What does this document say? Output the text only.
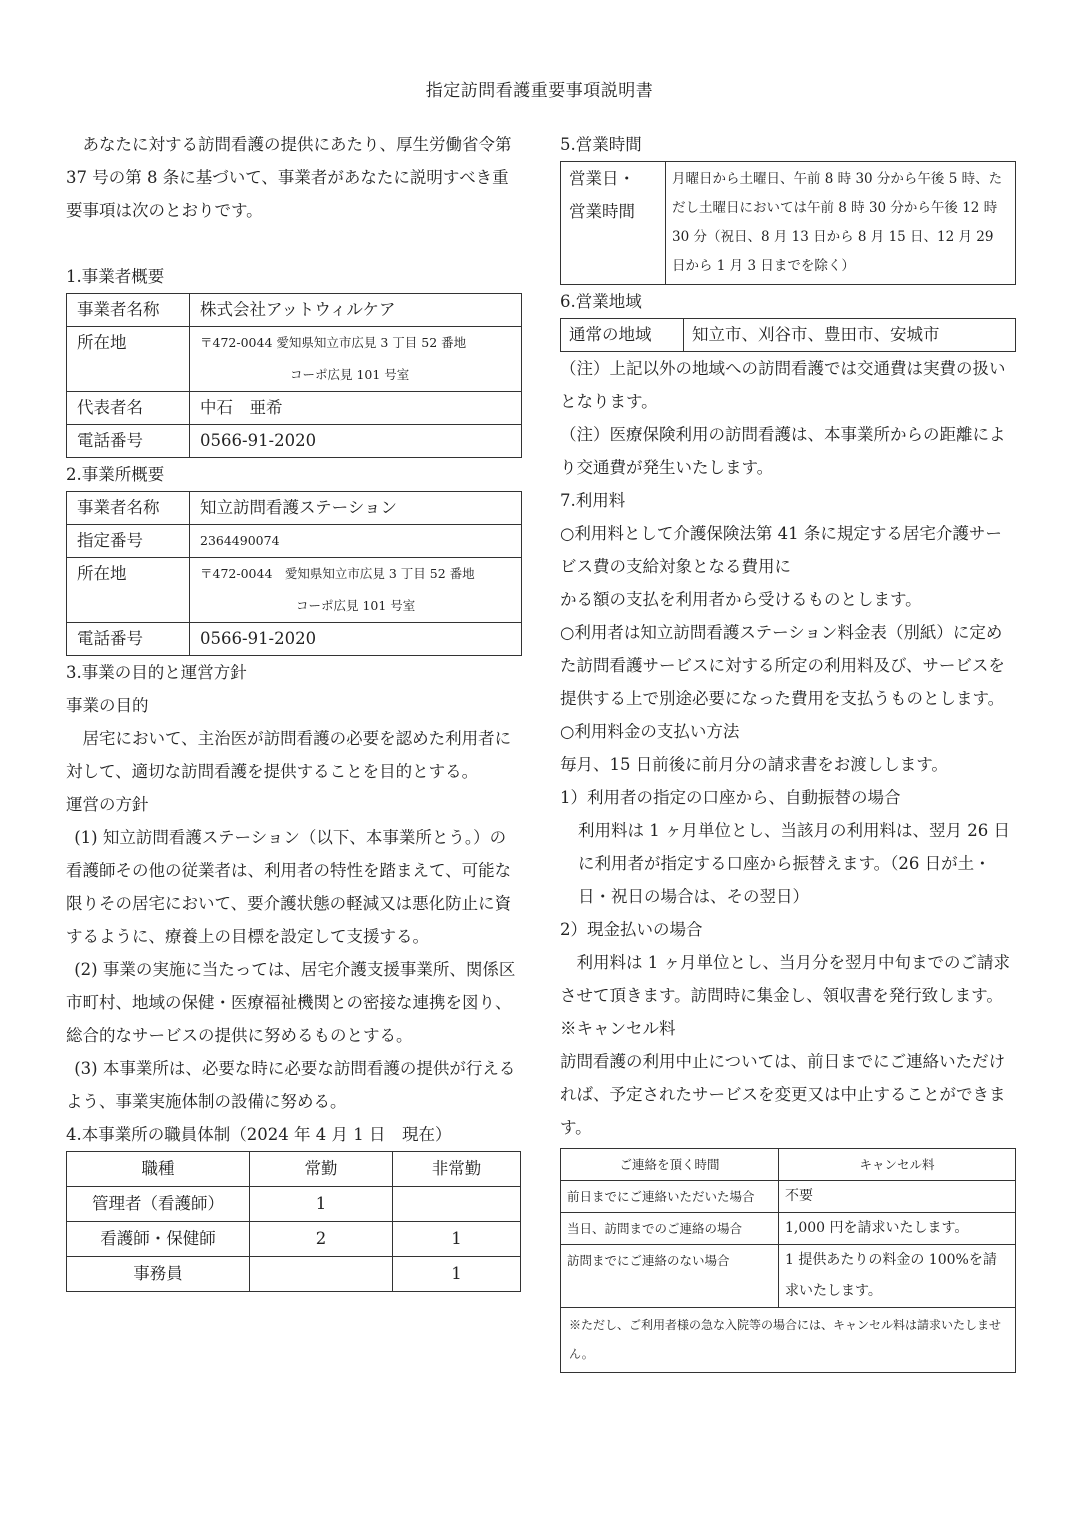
指定訪問看護重要事項説明書

あなたに対する訪問看護の提供にあたり、厚生労働省令第 37 号の第 8 条に基づいて、事業者があなたに説明すべき重要事項は次のとおりです。

1.事業者概要

事業者名称	株式会社アットウィルケア
所在地	〒472-0044 愛知県知立市広見 3 丁目 52 番地
コーポ広見 101 号室

代表者名	中石　亜希
電話番号	0566-91-2020

2.事業所概要

事業者名称	知立訪問看護ステーション
指定番号	2364490074
所在地	〒472-0044　愛知県知立市広見 3 丁目 52 番地
コーポ広見 101 号室

電話番号	0566-91-2020

3.事業の目的と運営方針

事業の目的

居宅において、主治医が訪問看護の必要を認めた利用者に対して、適切な訪問看護を提供することを目的とする。

運営の方針

(1) 知立訪問看護ステーション（以下、本事業所とう。）の看護師その他の従業者は、利用者の特性を踏まえて、可能な限りその居宅において、要介護状態の軽減又は悪化防止に資するように、療養上の目標を設定して支援する。

(2) 事業の実施に当たっては、居宅介護支援事業所、関係区市町村、地域の保健・医療福祉機関との密接な連携を図り、総合的なサービスの提供に努めるものとする。

(3) 本事業所は、必要な時に必要な訪問看護の提供が行えるよう、事業実施体制の設備に努める。

4.本事業所の職員体制（2024 年 4 月 1 日　現在）

職種	常勤	非常勤
管理者（看護師）	1	
看護師・保健師	2	1
事務員		1

5.営業時間

営業日・
営業時間
	月曜日から土曜日、午前 8 時 30 分から午後 5 時、ただし土曜日においては午前 8 時 30 分から午後 12 時 30 分（祝日、8 月 13 日から 8 月 15 日、12 月 29 日から 1 月 3 日までを除く）

6.営業地域

通常の地域	知立市、刈谷市、豊田市、安城市

（注）上記以外の地域への訪問看護では交通費は実費の扱いとなります。

（注）医療保険利用の訪問看護は、本事業所からの距離により交通費が発生いたします。

7.利用料

○利用料として介護保険法第 41 条に規定する居宅介護サービス費の支給対象となる費用に

かる額の支払を利用者から受けるものとします。

○利用者は知立訪問看護ステーション料金表（別紙）に定めた訪問看護サービスに対する所定の利用料及び、サービスを提供する上で別途必要になった費用を支払うものとします。

○利用料金の支払い方法

毎月、15 日前後に前月分の請求書をお渡しします。

1）利用者の指定の口座から、自動振替の場合

利用料は 1 ヶ月単位とし、当該月の利用料は、翌月 26 日に利用者が指定する口座から振替えます。（26 日が土・日・祝日の場合は、その翌日）

2）現金払いの場合

利用料は 1 ヶ月単位とし、当月分を翌月中旬までのご請求させて頂きます。訪問時に集金し、領収書を発行致します。

※キャンセル料

訪問看護の利用中止については、前日までにご連絡いただければ、予定されたサービスを変更又は中止することができます。

ご連絡を頂く時間	キャンセル料
前日までにご連絡いただいた場合	不要
当日、訪問までのご連絡の場合	1,000 円を請求いたします。
訪問までにご連絡のない場合	1 提供あたりの料金の 100%を請求いたします。
※ただし、ご利用者様の急な入院等の場合には、キャンセル料は請求いたしません。	
